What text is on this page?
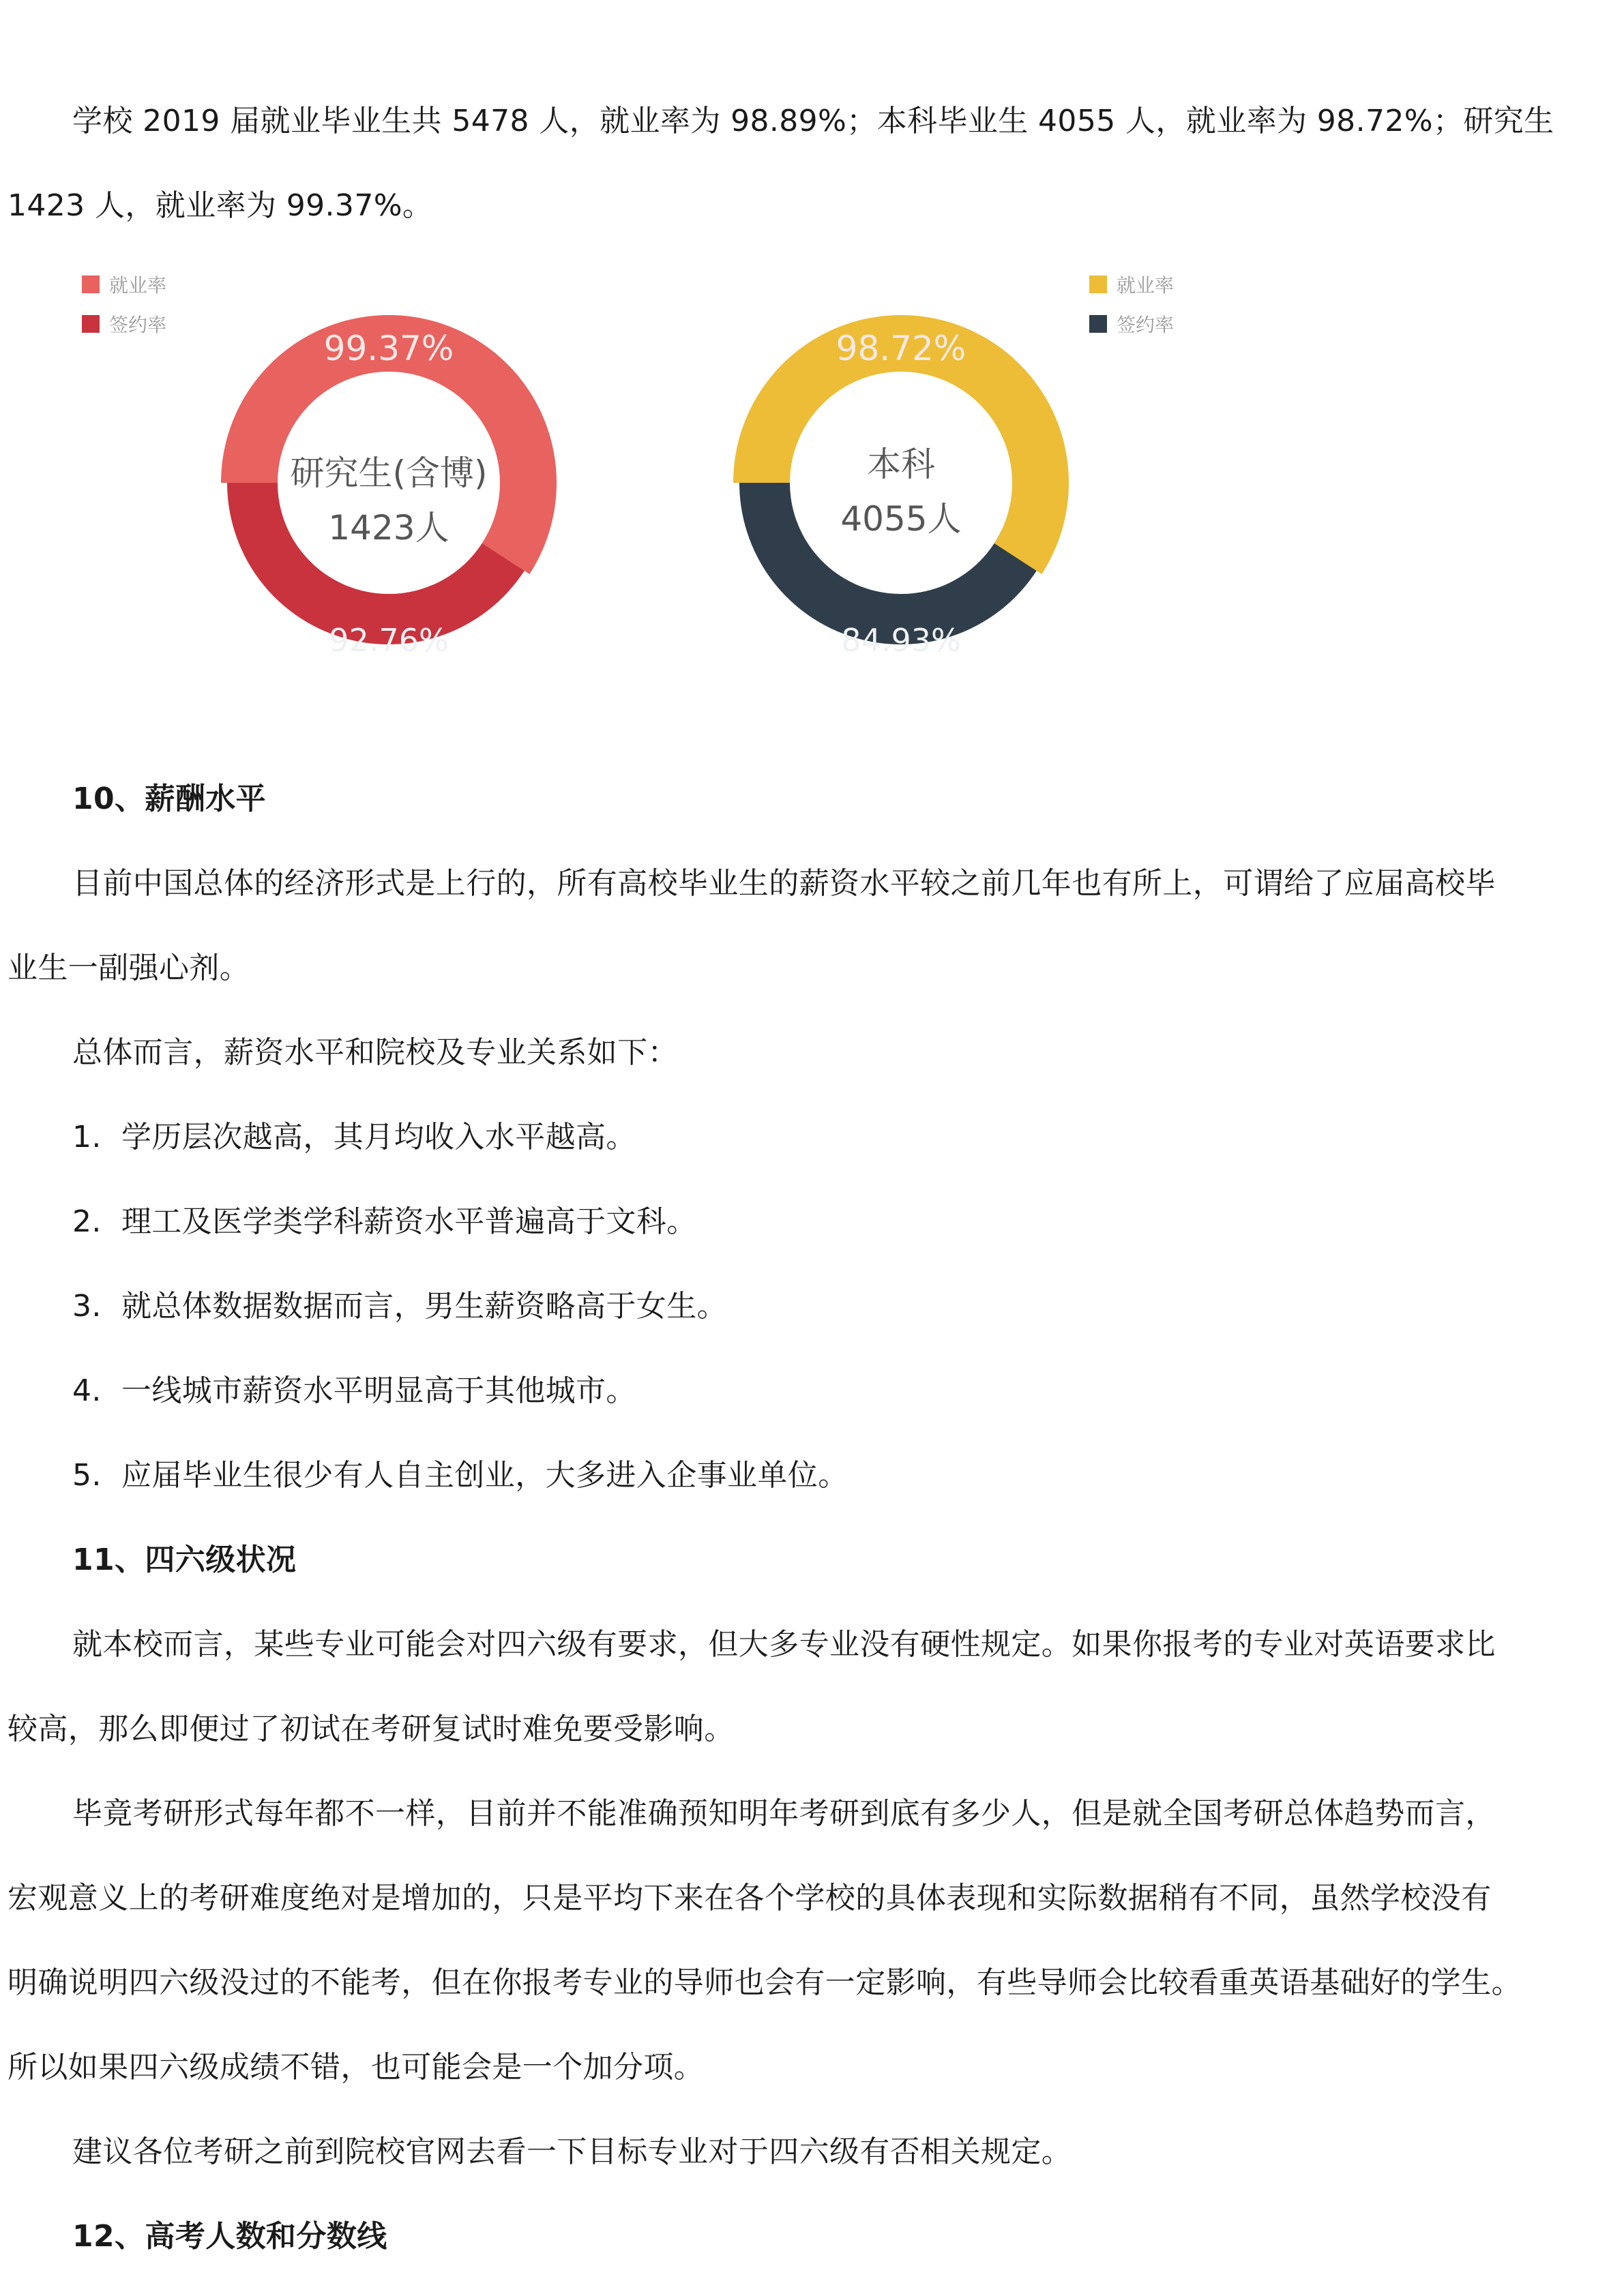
学校 2019 届就业毕业生共 5478 人，就业率为 98.89%；本科毕业生 4055 人，就业率为 98.72%；研究生

1423 人，就业率为 99.37%。

99.37%
92.76%
研究生(含博)
1423人
就业率
签约率
98.72%
84.93%
本科
4055人
就业率
签约率

10、薪酬水平

目前中国总体的经济形式是上行的，所有高校毕业生的薪资水平较之前几年也有所上，可谓给了应届高校毕

业生一副强心剂。

总体而言，薪资水平和院校及专业关系如下：

1. 学历层次越高，其月均收入水平越高。

2. 理工及医学类学科薪资水平普遍高于文科。

3. 就总体数据数据而言，男生薪资略高于女生。

4. 一线城市薪资水平明显高于其他城市。

5. 应届毕业生很少有人自主创业，大多进入企事业单位。

11、四六级状况

就本校而言，某些专业可能会对四六级有要求，但大多专业没有硬性规定。如果你报考的专业对英语要求比

较高，那么即便过了初试在考研复试时难免要受影响。

毕竟考研形式每年都不一样，目前并不能准确预知明年考研到底有多少人，但是就全国考研总体趋势而言，

宏观意义上的考研难度绝对是增加的，只是平均下来在各个学校的具体表现和实际数据稍有不同，虽然学校没有

明确说明四六级没过的不能考，但在你报考专业的导师也会有一定影响，有些导师会比较看重英语基础好的学生。

所以如果四六级成绩不错，也可能会是一个加分项。

建议各位考研之前到院校官网去看一下目标专业对于四六级有否相关规定。

12、高考人数和分数线
